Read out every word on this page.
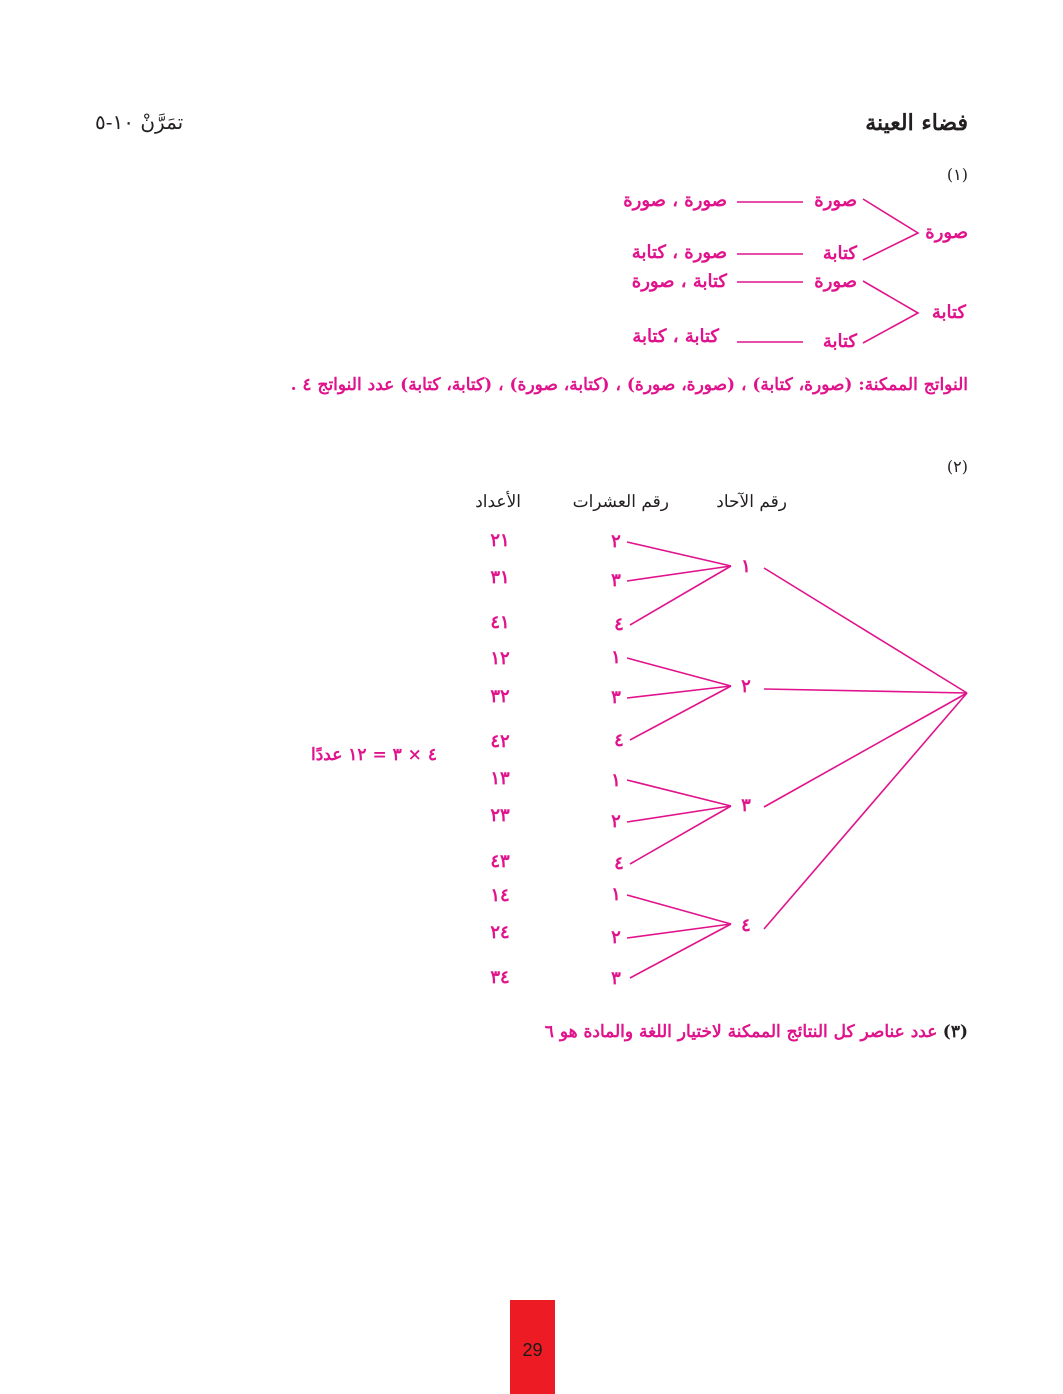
فضاء العينة
تمَرَّنْ ١٠-٥
(١)
صورة
كتابة
صورة
كتابة
صورة
كتابة
صورة ، صورة
صورة ، كتابة
كتابة ، صورة
كتابة ، كتابة
النواتج الممكنة: (صورة، كتابة) ، (صورة، صورة) ، (كتابة، صورة) ، (كتابة، كتابة) عدد النواتج ٤ .
(٢)
رقم الآحاد
رقم العشرات
الأعداد
١
٢
٣
٤
٢
٣
٤
١
٣
٤
١
٢
٤
١
٢
٣
٢١
٣١
٤١
١٢
٣٢
٤٢
١٣
٢٣
٤٣
١٤
٢٤
٣٤
٤ × ٣ = ١٢ عددًا
(٣) عدد عناصر كل النتائج الممكنة لاختيار اللغة والمادة هو ٦
29
